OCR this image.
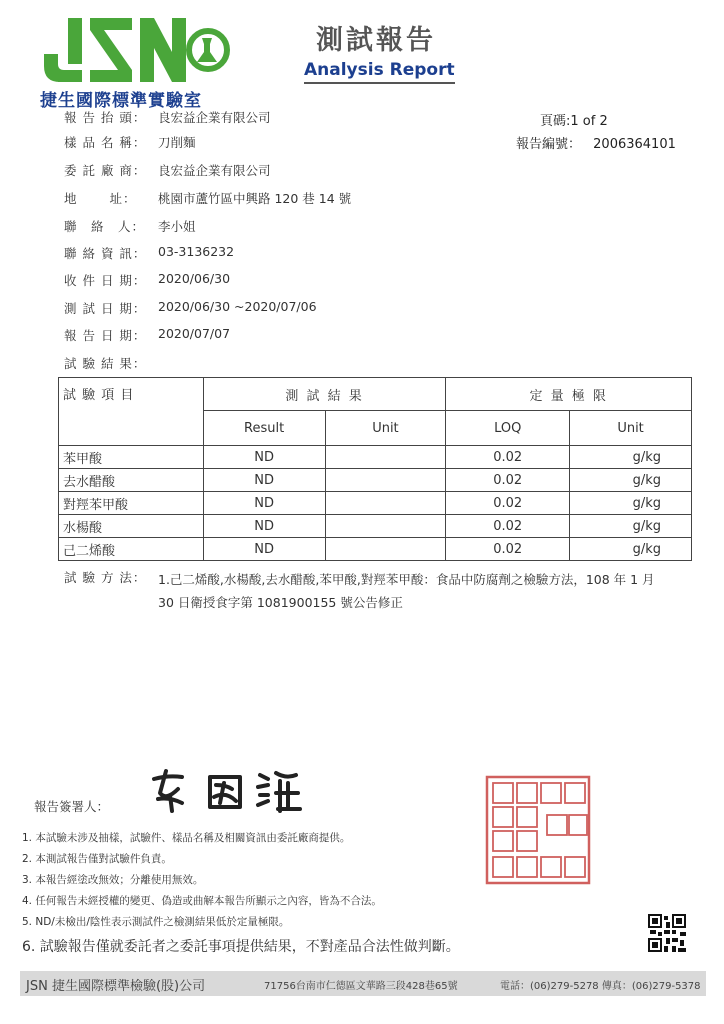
捷生國際標準實驗室
測試報告
Analysis Report
頁碼:1 of 2
報告編號： 2006364101
報 告 抬 頭： 良宏益企業有限公司
樣 品 名 稱： 刀削麵
委 託 廠 商： 良宏益企業有限公司
地　　 址： 桃園市蘆竹區中興路 120 巷 14 號
聯　絡　人： 李小姐
聯 絡 資 訊： 03-3136232
收 件 日 期： 2020/06/30
測 試 日 期： 2020/06/30 ~2020/07/06
報 告 日 期： 2020/07/07
試 驗 結 果：
試 驗 項 目	測 試 結 果		定 量 極 限	
	Result	Unit	LOQ	Unit
苯甲酸	ND		0.02	g/kg
去水醋酸	ND		0.02	g/kg
對羥苯甲酸	ND		0.02	g/kg
水楊酸	ND		0.02	g/kg
己二烯酸	ND		0.02	g/kg
試 驗 方 法： 1.己二烯酸,水楊酸,去水醋酸,苯甲酸,對羥苯甲酸：食品中防腐劑之檢驗方法，108 年 1 月
30 日衛授食字第 1081900155 號公告修正
報告簽署人：
1. 本試驗未涉及抽樣，試驗件、樣品名稱及相關資訊由委託廠商提供。
2. 本測試報告僅對試驗件負責。
3. 本報告經塗改無效；分離使用無效。
4. 任何報告未經授權的變更、偽造或曲解本報告所顯示之內容，皆為不合法。
5. ND/未檢出/陰性表示測試件之檢測結果低於定量極限。
6. 試驗報告僅就委託者之委託事項提供結果，不對產品合法性做判斷。
JSN 捷生國際標準檢驗(股)公司	71756台南市仁德區文華路三段428巷65號	電話：(06)279-5278 傳真：(06)279-5378
